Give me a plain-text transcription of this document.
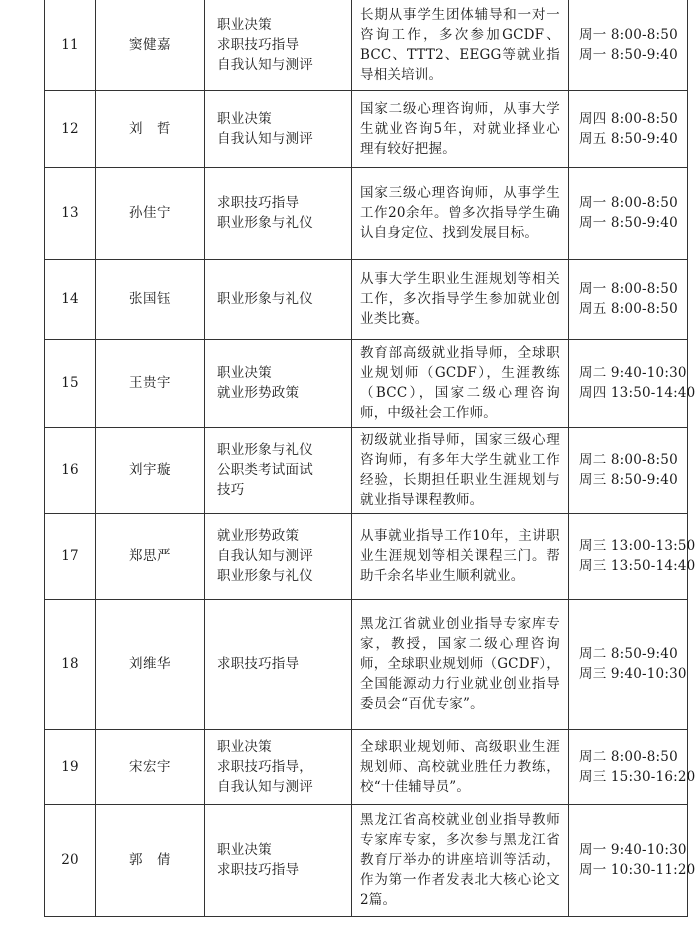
11	窦健嘉	职业决策
求职技巧指导
自我认知与测评	长期从事学生团体辅导和一对一咨询工作，多次参加GCDF、BCC、TTT2、EEGG等就业指导相关培训。	周一 8:00-8:50
周一 8:50-9:40

12	刘　哲	职业决策
自我认知与测评	国家二级心理咨询师，从事大学生就业咨询5年，对就业择业心理有较好把握。	周四 8:00-8:50
周五 8:50-9:40

13	孙佳宁	求职技巧指导
职业形象与礼仪	国家三级心理咨询师，从事学生工作20余年。曾多次指导学生确认自身定位、找到发展目标。	周一 8:00-8:50
周一 8:50-9:40

14	张国钰	职业形象与礼仪	从事大学生职业生涯规划等相关工作，多次指导学生参加就业创业类比赛。	周一 8:00-8:50
周五 8:00-8:50

15	王贵宇	职业决策
就业形势政策	教育部高级就业指导师，全球职业规划师（GCDF），生涯教练（BCC），国家二级心理咨询师，中级社会工作师。	周二 9:40-10:30
周四 13:50-14:40

16	刘宇璇	职业形象与礼仪
公职类考试面试
技巧	初级就业指导师，国家三级心理咨询师，有多年大学生就业工作经验，长期担任职业生涯规划与就业指导课程教师。	周二 8:00-8:50
周三 8:50-9:40

17	郑思严	就业形势政策
自我认知与测评
职业形象与礼仪	从事就业指导工作10年，主讲职业生涯规划等相关课程三门。帮助千余名毕业生顺利就业。	周三 13:00-13:50
周三 13:50-14:40

18	刘维华	求职技巧指导	黑龙江省就业创业指导专家库专家，教授，国家二级心理咨询师，全球职业规划师（GCDF），全国能源动力行业就业创业指导委员会“百优专家”。	周二 8:50-9:40
周三 9:40-10:30

19	宋宏宇	职业决策
求职技巧指导，
自我认知与测评	全球职业规划师、高级职业生涯规划师、高校就业胜任力教练，校“十佳辅导员”。	周二 8:00-8:50
周三 15:30-16:20

20	郭　倩	职业决策
求职技巧指导	黑龙江省高校就业创业指导教师专家库专家，多次参与黑龙江省教育厅举办的讲座培训等活动，作为第一作者发表北大核心论文2篇。	周一 9:40-10:30
周一 10:30-11:20
